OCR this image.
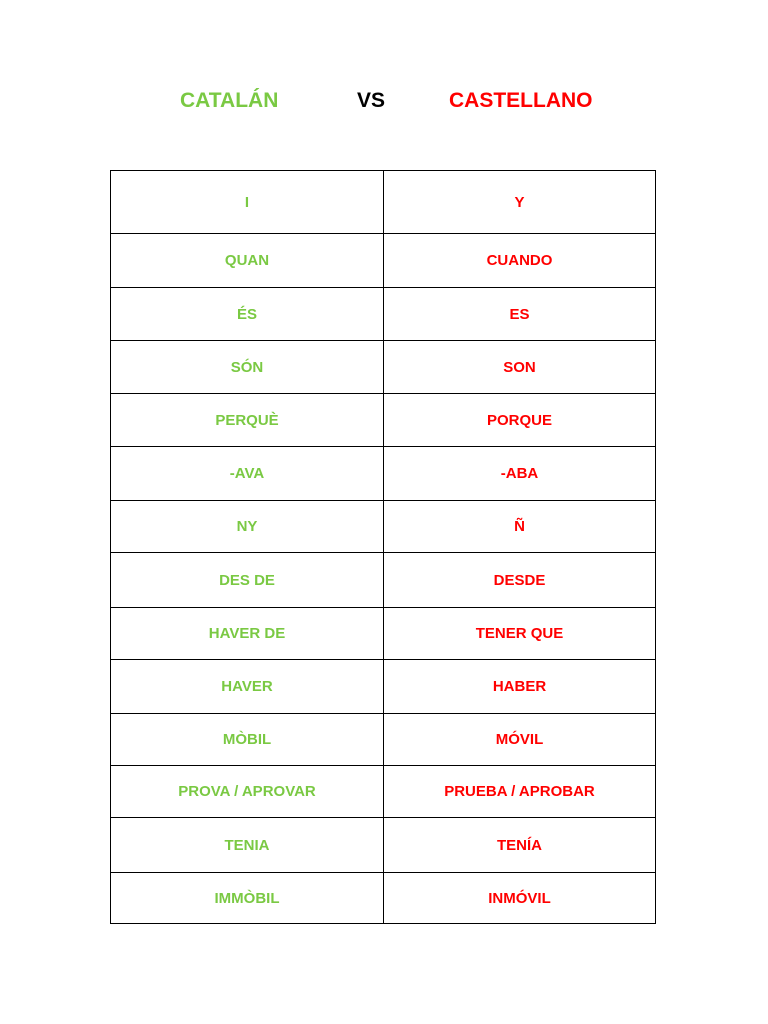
CATALÁN	VS	CASTELLANO
I	Y
QUAN	CUANDO
ÉS	ES
SÓN	SON
PERQUÈ	PORQUE
-AVA	-ABA
NY	Ñ
DES DE	DESDE
HAVER DE	TENER QUE
HAVER	HABER
MÒBIL	MÓVIL
PROVA / APROVAR	PRUEBA / APROBAR
TENIA	TENÍA
IMMÒBIL	INMÓVIL
